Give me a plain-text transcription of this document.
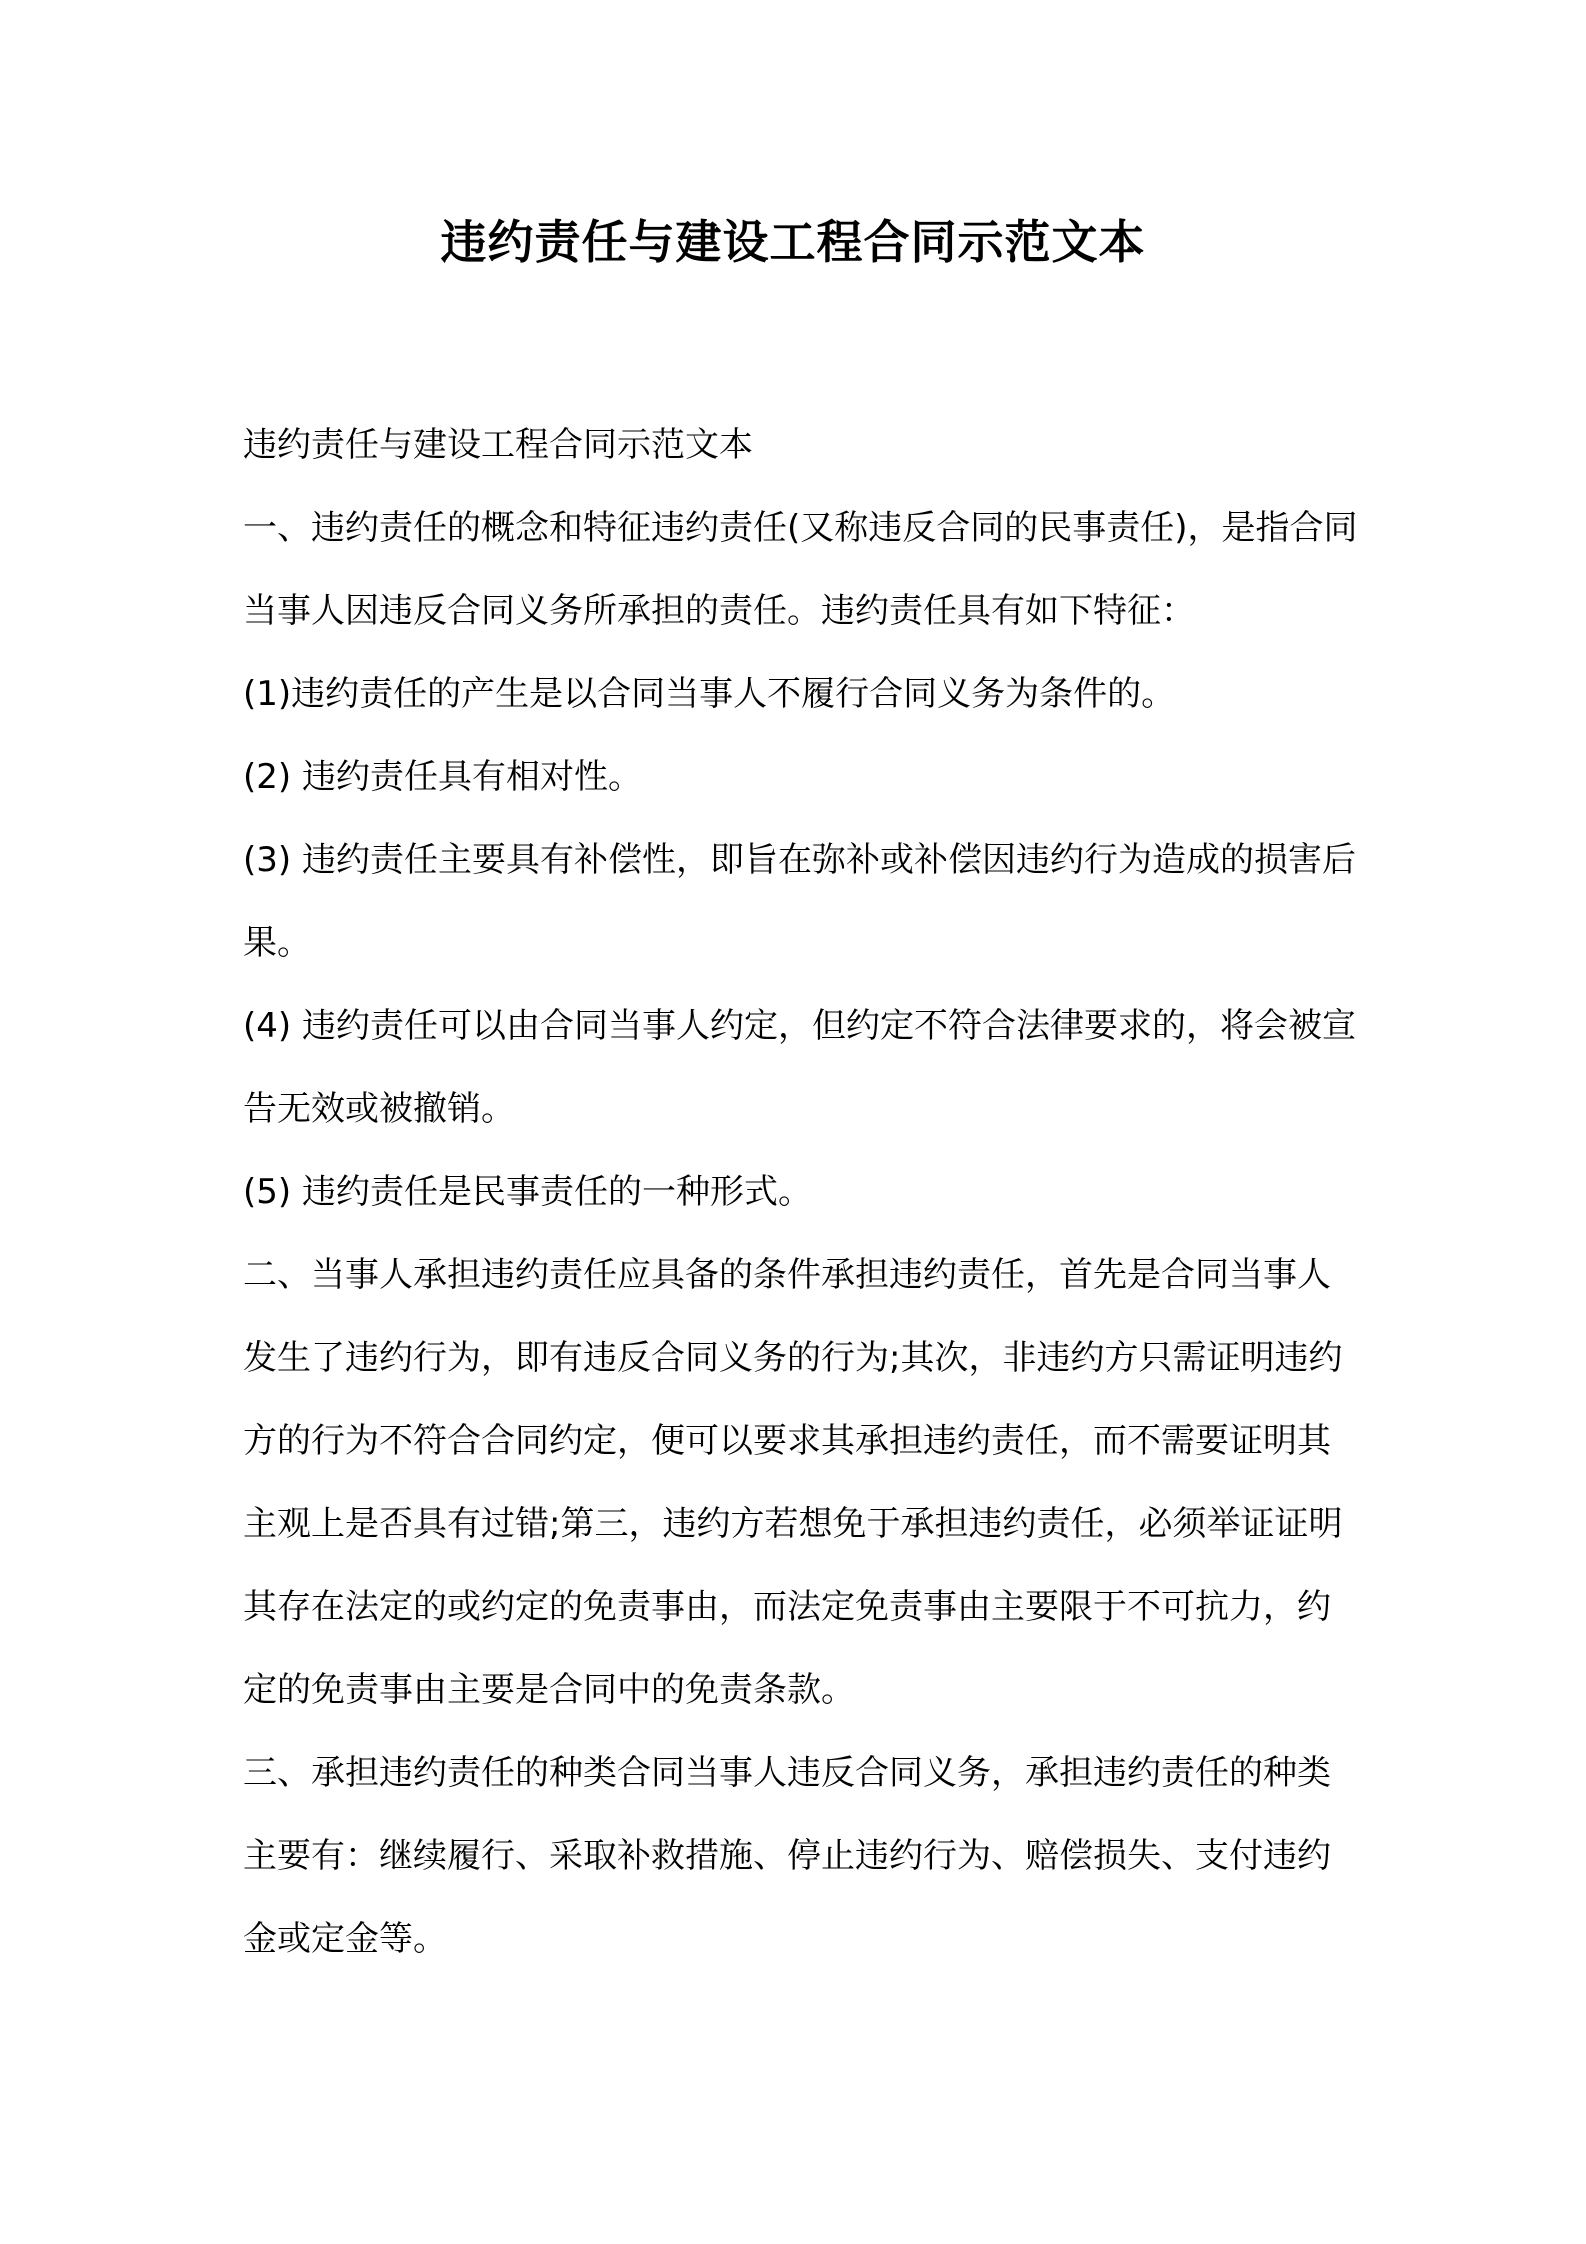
违约责任与建设工程合同示范文本

违约责任与建设工程合同示范文本

一、违约责任的概念和特征违约责任(又称违反合同的民事责任)，是指合同当事人因违反合同义务所承担的责任。违约责任具有如下特征：

(1)违约责任的产生是以合同当事人不履行合同义务为条件的。

(2) 违约责任具有相对性。

(3) 违约责任主要具有补偿性，即旨在弥补或补偿因违约行为造成的损害后果。

(4) 违约责任可以由合同当事人约定，但约定不符合法律要求的，将会被宣告无效或被撤销。

(5) 违约责任是民事责任的一种形式。

二、当事人承担违约责任应具备的条件承担违约责任，首先是合同当事人发生了违约行为，即有违反合同义务的行为;其次，非违约方只需证明违约方的行为不符合合同约定，便可以要求其承担违约责任，而不需要证明其主观上是否具有过错;第三，违约方若想免于承担违约责任，必须举证证明其存在法定的或约定的免责事由，而法定免责事由主要限于不可抗力，约定的免责事由主要是合同中的免责条款。

三、承担违约责任的种类合同当事人违反合同义务，承担违约责任的种类主要有：继续履行、采取补救措施、停止违约行为、赔偿损失、支付违约金或定金等。
